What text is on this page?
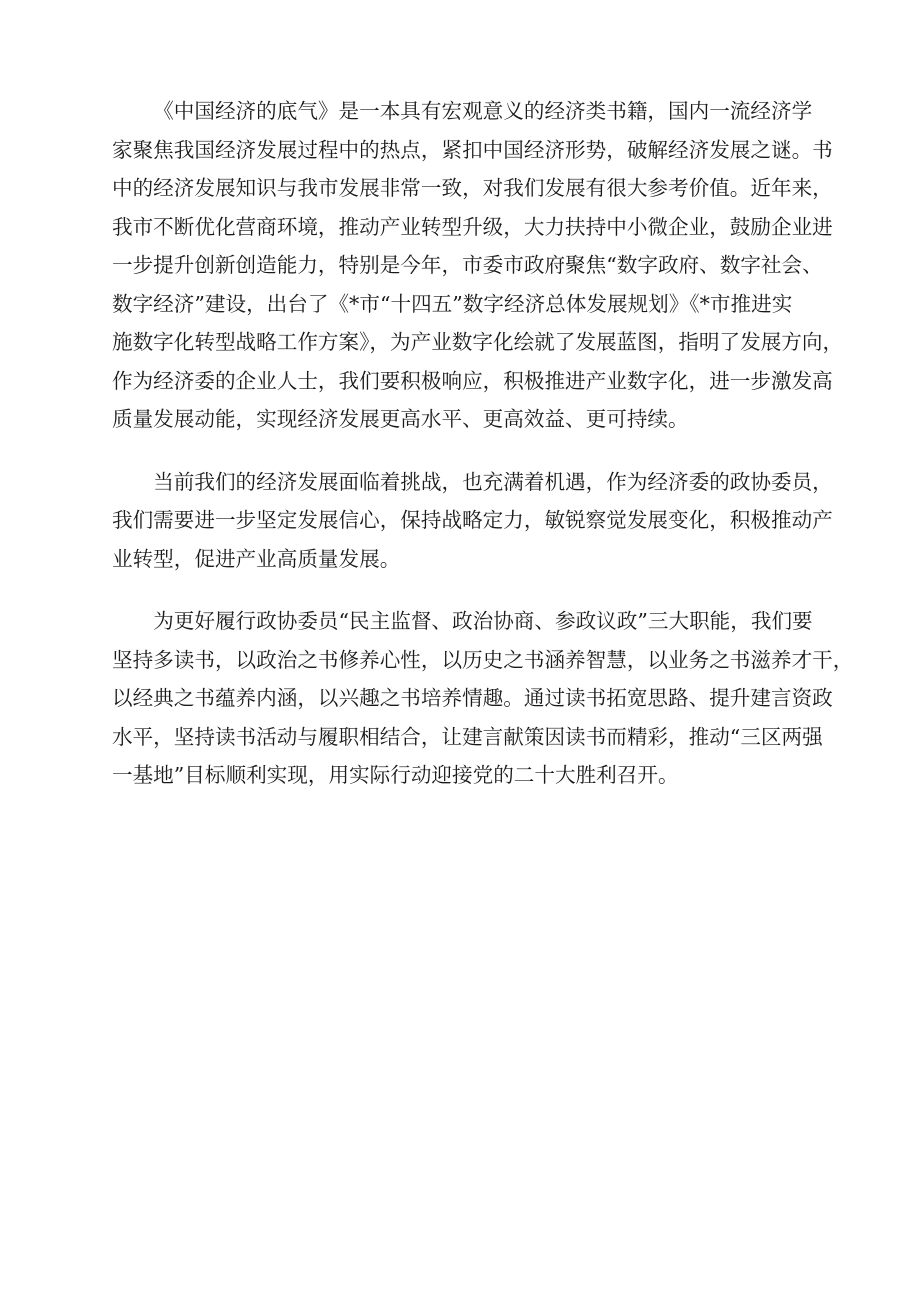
《中国经济的底气》是一本具有宏观意义的经济类书籍，国内一流经济学
家聚焦我国经济发展过程中的热点，紧扣中国经济形势，破解经济发展之谜。书
中的经济发展知识与我市发展非常一致，对我们发展有很大参考价值。近年来，
我市不断优化营商环境，推动产业转型升级，大力扶持中小微企业，鼓励企业进
一步提升创新创造能力，特别是今年，市委市政府聚焦“数字政府、数字社会、
数字经济”建设，出台了《*市“十四五”数字经济总体发展规划》《*市推进实
施数字化转型战略工作方案》，为产业数字化绘就了发展蓝图，指明了发展方向，
作为经济委的企业人士，我们要积极响应，积极推进产业数字化，进一步激发高
质量发展动能，实现经济发展更高水平、更高效益、更可持续。

当前我们的经济发展面临着挑战，也充满着机遇，作为经济委的政协委员，
我们需要进一步坚定发展信心，保持战略定力，敏锐察觉发展变化，积极推动产
业转型，促进产业高质量发展。

为更好履行政协委员“民主监督、政治协商、参政议政”三大职能，我们要
坚持多读书，以政治之书修养心性，以历史之书涵养智慧，以业务之书滋养才干，
以经典之书蕴养内涵，以兴趣之书培养情趣。通过读书拓宽思路、提升建言资政
水平，坚持读书活动与履职相结合，让建言献策因读书而精彩，推动“三区两强
一基地”目标顺利实现，用实际行动迎接党的二十大胜利召开。
